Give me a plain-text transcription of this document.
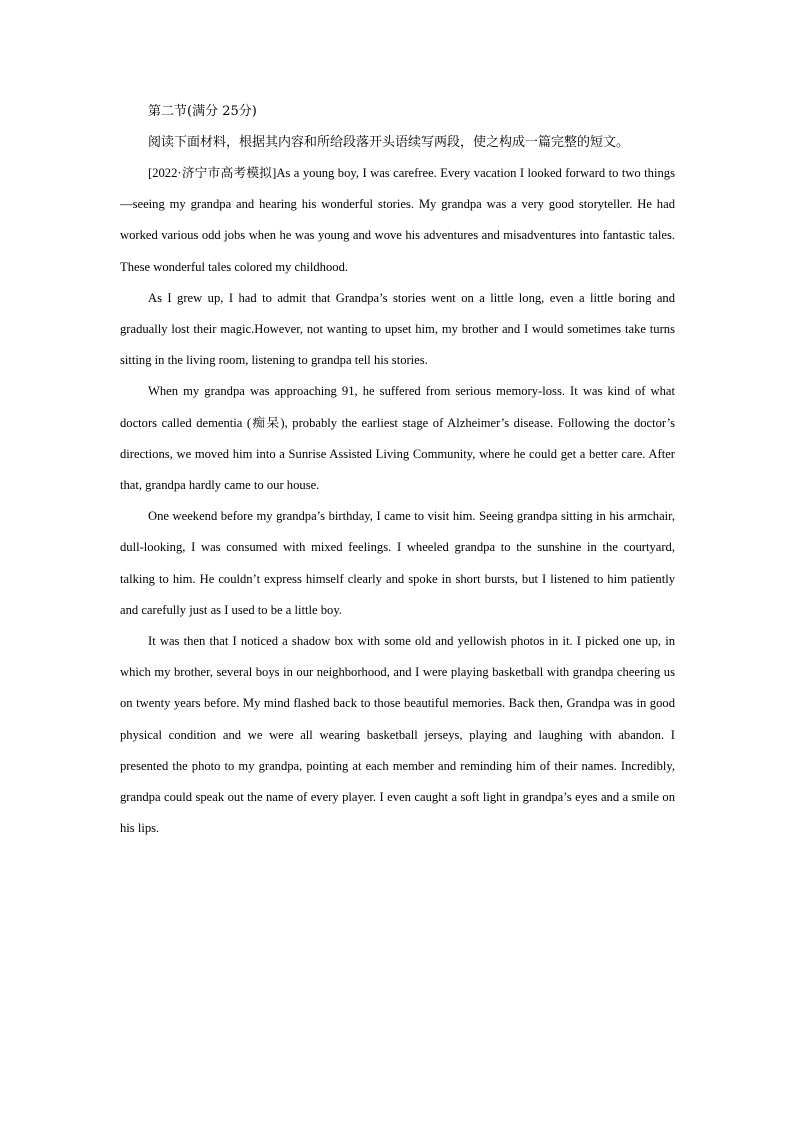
第二节(满分 25分)

阅读下面材料，根据其内容和所给段落开头语续写两段，使之构成一篇完整的短文。

[2022·济宁市高考模拟]As a young boy, I was carefree. Every vacation I looked forward to two things—seeing my grandpa and hearing his wonderful stories. My grandpa was a very good storyteller. He had worked various odd jobs when he was young and wove his adventures and misadventures into fantastic tales. These wonderful tales colored my childhood.

As I grew up, I had to admit that Grandpa’s stories went on a little long, even a little boring and gradually lost their magic.However, not wanting to upset him, my brother and I would sometimes take turns sitting in the living room, listening to grandpa tell his stories.

When my grandpa was approaching 91, he suffered from serious memory-loss. It was kind of what doctors called dementia (痴呆), probably the earliest stage of Alzheimer’s disease. Following the doctor’s directions, we moved him into a Sunrise Assisted Living Community, where he could get a better care. After that, grandpa hardly came to our house.

One weekend before my grandpa’s birthday, I came to visit him. Seeing grandpa sitting in his armchair, dull-looking, I was consumed with mixed feelings. I wheeled grandpa to the sunshine in the courtyard, talking to him. He couldn’t express himself clearly and spoke in short bursts, but I listened to him patiently and carefully just as I used to be a little boy.

It was then that I noticed a shadow box with some old and yellowish photos in it. I picked one up, in which my brother, several boys in our neighborhood, and I were playing basketball with grandpa cheering us on twenty years before. My mind flashed back to those beautiful memories. Back then, Grandpa was in good physical condition and we were all wearing basketball jerseys, playing and laughing with abandon. I presented the photo to my grandpa, pointing at each member and reminding him of their names. Incredibly, grandpa could speak out the name of every player. I even caught a soft light in grandpa’s eyes and a smile on his lips.
